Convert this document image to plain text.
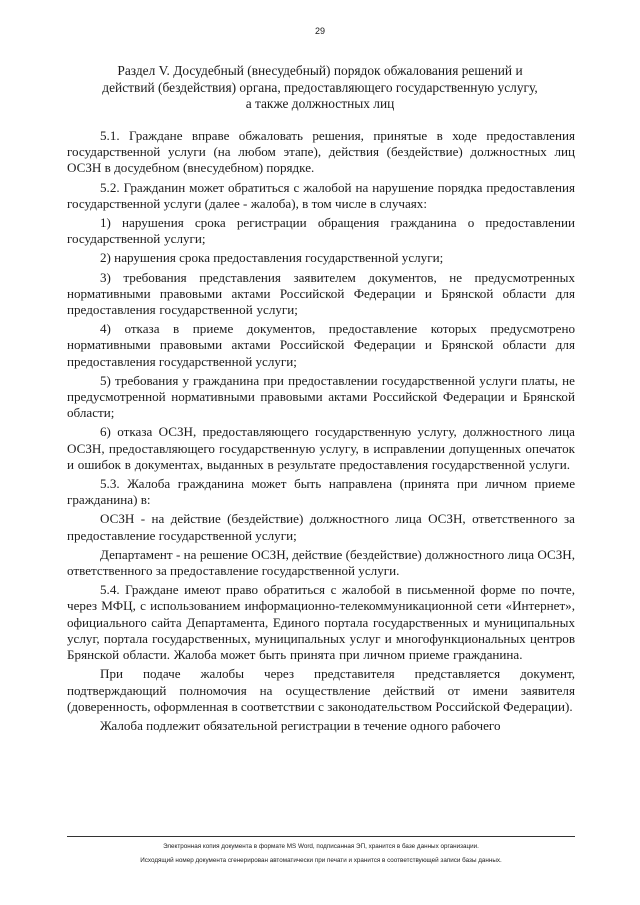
29
Раздел V. Досудебный (внесудебный) порядок обжалования решений и
действий (бездействия) органа, предоставляющего государственную услугу,
а также должностных лиц

5.1. Граждане вправе обжаловать решения, принятые в ходе предоставления государственной услуги (на любом этапе), действия (бездействие) должностных лиц ОСЗН в досудебном (внесудебном) порядке.

5.2. Гражданин может обратиться с жалобой на нарушение порядка предоставления государственной услуги (далее - жалоба), в том числе в случаях:

1) нарушения срока регистрации обращения гражданина о предоставлении государственной услуги;

2) нарушения срока предоставления государственной услуги;

3) требования представления заявителем документов, не предусмотренных нормативными правовыми актами Российской Федерации и Брянской области для предоставления государственной услуги;

4) отказа в приеме документов, предоставление которых предусмотрено нормативными правовыми актами Российской Федерации и Брянской области для предоставления государственной услуги;

5) требования у гражданина при предоставлении государственной услуги платы, не предусмотренной нормативными правовыми актами Российской Федерации и Брянской области;

6) отказа ОСЗН, предоставляющего государственную услугу, должностного лица ОСЗН, предоставляющего государственную услугу, в исправлении допущенных опечаток и ошибок в документах, выданных в результате предоставления государственной услуги.

5.3. Жалоба гражданина может быть направлена (принята при личном приеме гражданина) в:

ОСЗН - на действие (бездействие) должностного лица ОСЗН, ответственного за предоставление государственной услуги;

Департамент - на решение ОСЗН, действие (бездействие) должностного лица ОСЗН, ответственного за предоставление государственной услуги.

5.4. Граждане имеют право обратиться с жалобой в письменной форме по почте, через МФЦ, с использованием информационно-телекоммуникационной сети «Интернет», официального сайта Департамента, Единого портала государственных и муниципальных услуг, портала государственных, муниципальных услуг и многофункциональных центров Брянской области. Жалоба может быть принята при личном приеме гражданина.

При подаче жалобы через представителя представляется документ, подтверждающий полномочия на осуществление действий от имени заявителя (доверенность, оформленная в соответствии с законодательством Российской Федерации).

Жалоба подлежит обязательной регистрации в течение одного рабочего

Электронная копия документа в формате MS Word, подписанная ЭП, хранится в базе данных организации.
Исходящий номер документа сгенерирован автоматически при печати и хранится в соответствующей записи базы данных.
